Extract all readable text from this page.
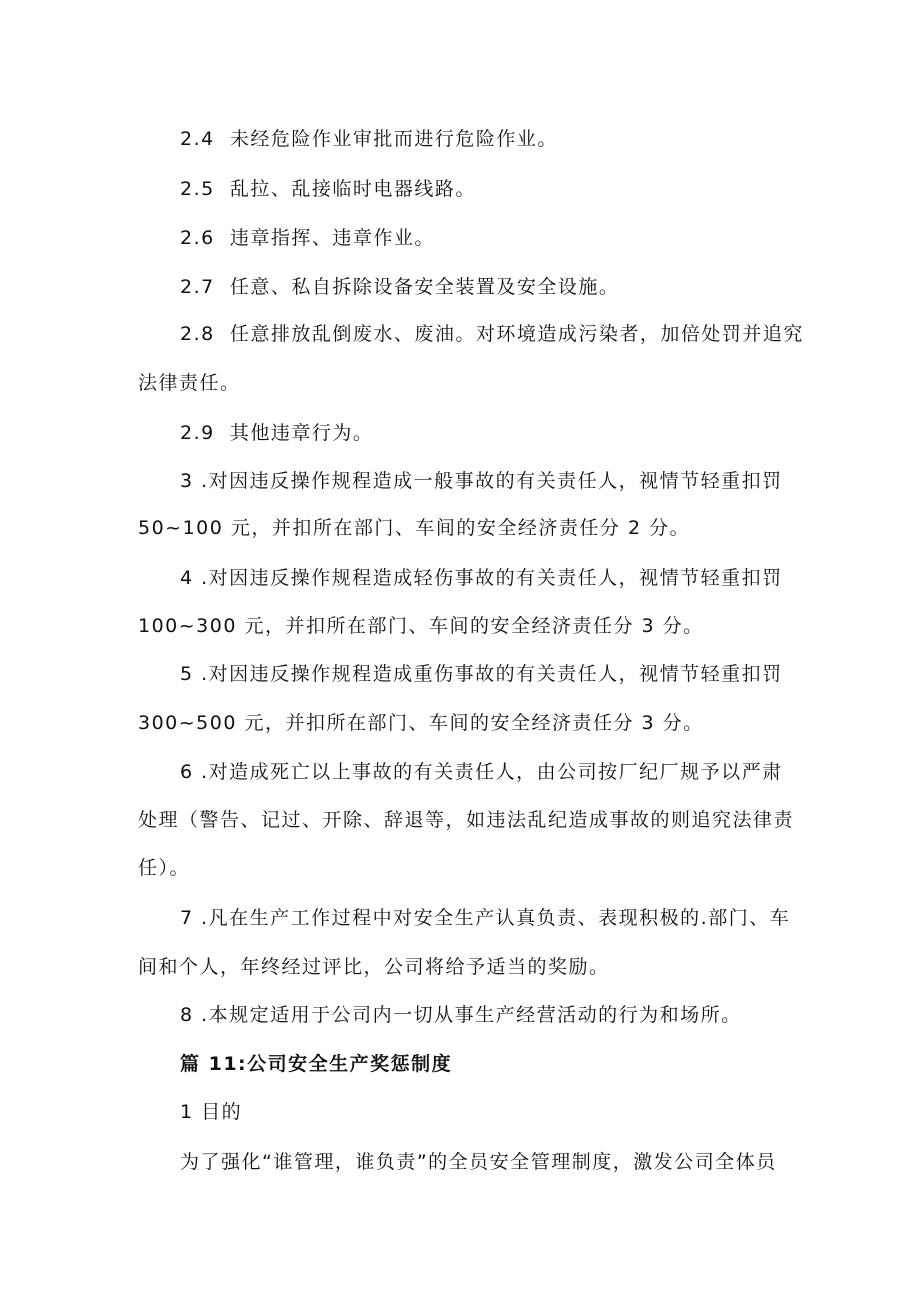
2.4 未经危险作业审批而进行危险作业。
2.5 乱拉、乱接临时电器线路。
2.6 违章指挥、违章作业。
2.7 任意、私自拆除设备安全装置及安全设施。
2.8 任意排放乱倒废水、废油。对环境造成污染者，加倍处罚并追究
法律责任。
2.9 其他违章行为。
3 .对因违反操作规程造成一般事故的有关责任人，视情节轻重扣罚
50~100 元，并扣所在部门、车间的安全经济责任分 2 分。
4 .对因违反操作规程造成轻伤事故的有关责任人，视情节轻重扣罚
100~300 元，并扣所在部门、车间的安全经济责任分 3 分。
5 .对因违反操作规程造成重伤事故的有关责任人，视情节轻重扣罚
300~500 元，并扣所在部门、车间的安全经济责任分 3 分。
6 .对造成死亡以上事故的有关责任人，由公司按厂纪厂规予以严肃
处理（警告、记过、开除、辞退等，如违法乱纪造成事故的则追究法律责
任）。
7 .凡在生产工作过程中对安全生产认真负责、表现积极的.部门、车
间和个人，年终经过评比，公司将给予适当的奖励。
8 .本规定适用于公司内一切从事生产经营活动的行为和场所。
篇 11:公司安全生产奖惩制度
1 目的
为了强化“谁管理，谁负责”的全员安全管理制度，激发公司全体员
